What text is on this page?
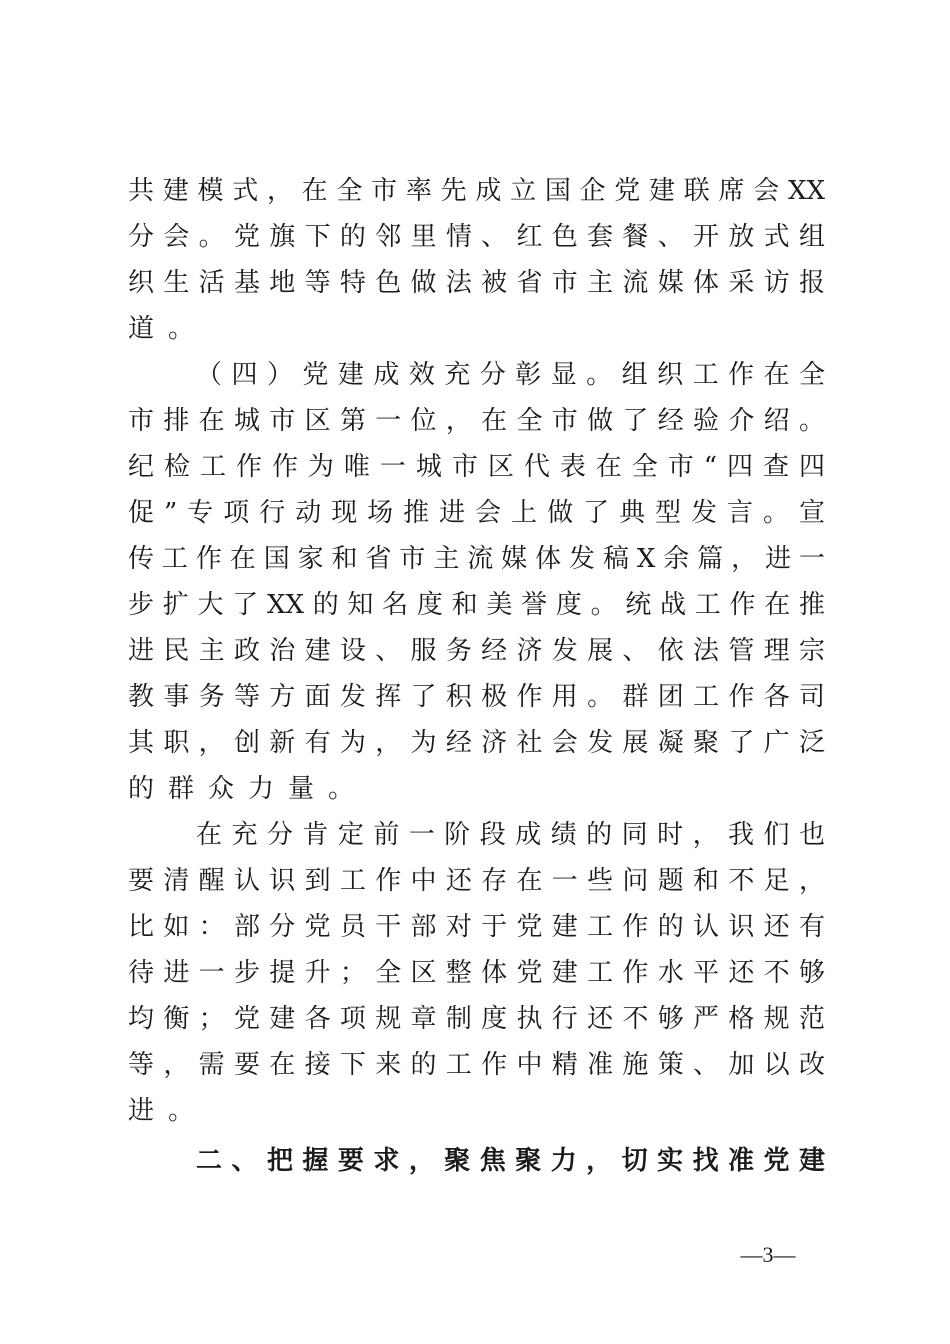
共建模式，在全市率先成立国企党建联席会XX
分会。党旗下的邻里情、红色套餐、开放式组
织生活基地等特色做法被省市主流媒体采访报
道。
（四）党建成效充分彰显。组织工作在全
市排在城市区第一位，在全市做了经验介绍。
纪检工作作为唯一城市区代表在全市“四查四
促”专项行动现场推进会上做了典型发言。宣
传工作在国家和省市主流媒体发稿X余篇，进一
步扩大了XX的知名度和美誉度。统战工作在推
进民主政治建设、服务经济发展、依法管理宗
教事务等方面发挥了积极作用。群团工作各司
其职，创新有为，为经济社会发展凝聚了广泛
的群众力量。
在充分肯定前一阶段成绩的同时，我们也
要清醒认识到工作中还存在一些问题和不足，
比如：部分党员干部对于党建工作的认识还有
待进一步提升；全区整体党建工作水平还不够
均衡；党建各项规章制度执行还不够严格规范
等，需要在接下来的工作中精准施策、加以改
进。
二、把握要求，聚焦聚力，切实找准党建
—3—
